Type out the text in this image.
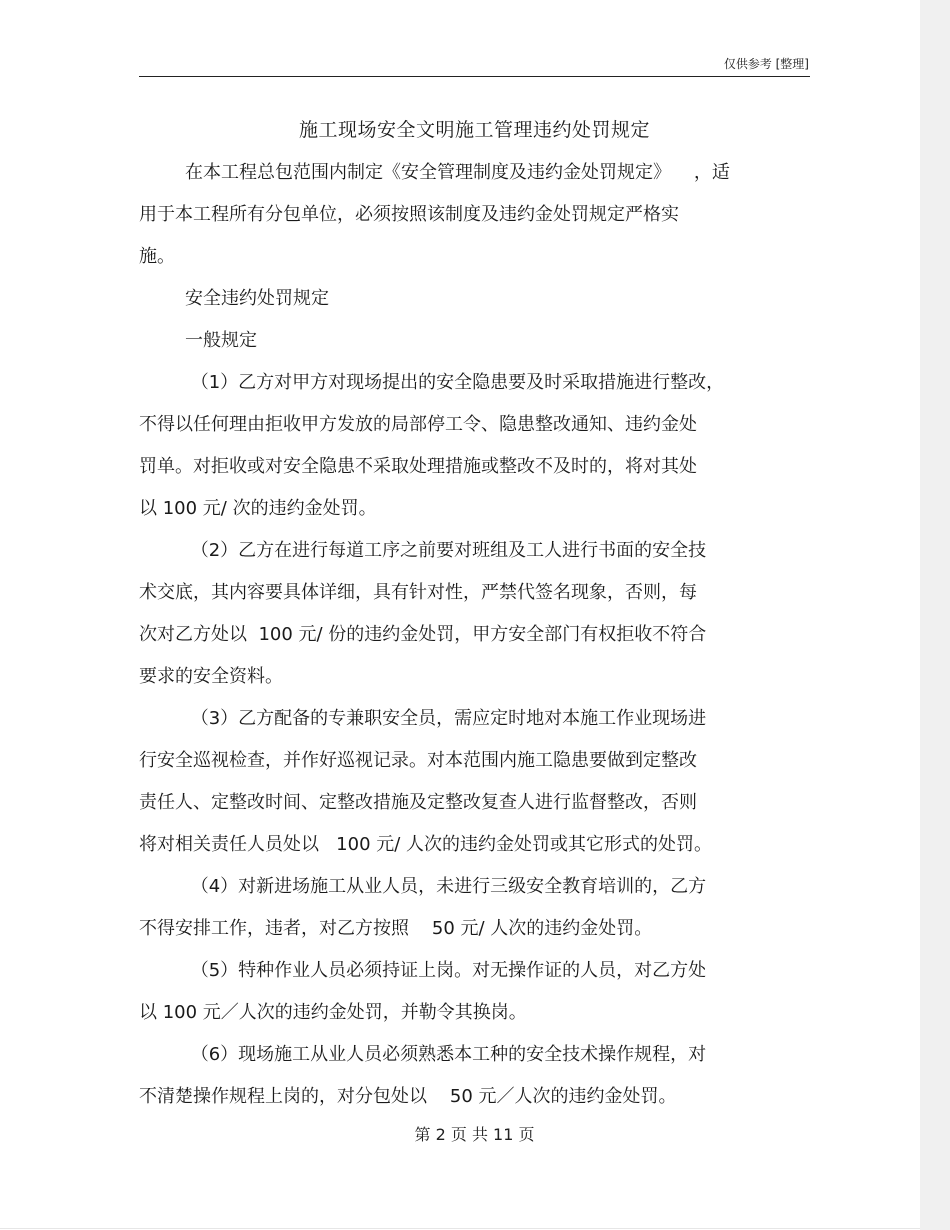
仅供参考 [整理]
施工现场安全文明施工管理违约处罚规定
在本工程总包范围内制定《安全管理制度及违约金处罚规定》    ，适
用于本工程所有分包单位，必须按照该制度及违约金处罚规定严格实
施。
安全违约处罚规定
一般规定
（1）乙方对甲方对现场提出的安全隐患要及时采取措施进行整改，
不得以任何理由拒收甲方发放的局部停工令、隐患整改通知、违约金处
罚单。对拒收或对安全隐患不采取处理措施或整改不及时的，将对其处
以 100 元/ 次的违约金处罚。
（2）乙方在进行每道工序之前要对班组及工人进行书面的安全技
术交底，其内容要具体详细，具有针对性，严禁代签名现象，否则，每
次对乙方处以  100 元/ 份的违约金处罚，甲方安全部门有权拒收不符合
要求的安全资料。
（3）乙方配备的专兼职安全员，需应定时地对本施工作业现场进
行安全巡视检查，并作好巡视记录。对本范围内施工隐患要做到定整改
责任人、定整改时间、定整改措施及定整改复查人进行监督整改，否则
将对相关责任人员处以   100 元/ 人次的违约金处罚或其它形式的处罚。
（4）对新进场施工从业人员，未进行三级安全教育培训的，乙方
不得安排工作，违者，对乙方按照    50 元/ 人次的违约金处罚。
（5）特种作业人员必须持证上岗。对无操作证的人员，对乙方处
以 100 元／人次的违约金处罚，并勒令其换岗。
（6）现场施工从业人员必须熟悉本工种的安全技术操作规程，对
不清楚操作规程上岗的，对分包处以    50 元／人次的违约金处罚。
第 2 页 共 11 页
